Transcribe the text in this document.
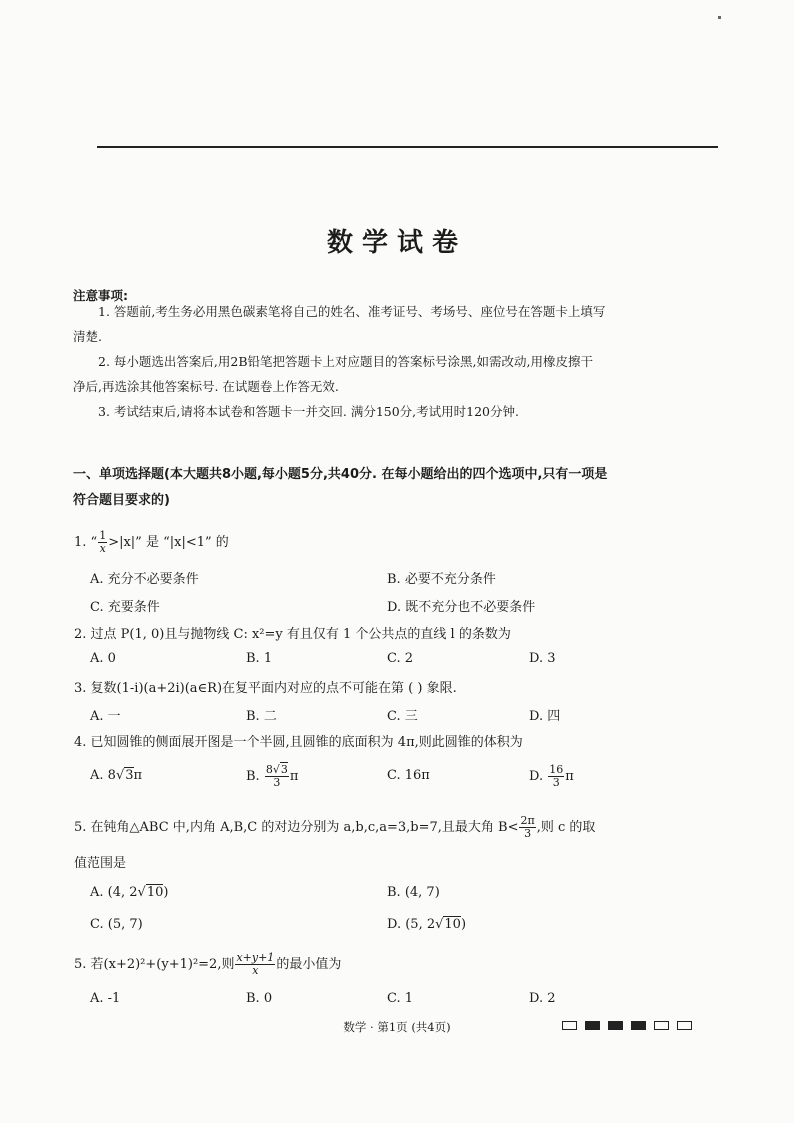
数学试卷
注意事项:
1. 答题前,考生务必用黑色碳素笔将自己的姓名、准考证号、考场号、座位号在答题卡上填写
清楚.
2. 每小题选出答案后,用2B铅笔把答题卡上对应题目的答案标号涂黑,如需改动,用橡皮擦干
净后,再选涂其他答案标号. 在试题卷上作答无效.
3. 考试结束后,请将本试卷和答题卡一并交回. 满分150分,考试用时120分钟.
一、单项选择题(本大题共8小题,每小题5分,共40分. 在每小题给出的四个选项中,只有一项是
符合题目要求的)
1. “ $\frac{1}{x} >|x|$” 是 “|x|<1” 的
A. 充分不必要条件	B. 必要不充分条件
C. 充要条件	D. 既不充分也不必要条件
2. 过点 P(1, 0)且与抛物线 C: x²=y 有且仅有 1 个公共点的直线 l 的条数为
A. 0	B. 1	C. 2	D. 3
3. 复数(1-i)(a+2i)(a∈R)在复平面内对应的点不可能在第 ( ) 象限.
A. 一	B. 二	C. 三	D. 四
4. 已知圆锥的侧面展开图是一个半圆,且圆锥的底面积为 4π,则此圆锥的体积为
A. 8 √ 3π	B. $\frac{8 √ 3}{3}$ π	C. 16π	D. $\frac{16}{3}$ π
5. 在钝角△ABC 中,内角 A,B,C 的对边分别为 a,b,c,a=3,b=7,且最大角 $B< \frac{2\pi}{3}$ ,则 c 的取
值范围是
A. (4, 2 √ 10)	B. (4, 7)
C. (5, 7)	D. (5, 2 √ 10)
5. 若(x+2)²+(y+1)²=2,则 $\frac{x+y+1}{x}$ 的最小值为
A. -1	B. 0	C. 1	D. 2
数学 · 第1页 (共4页)
